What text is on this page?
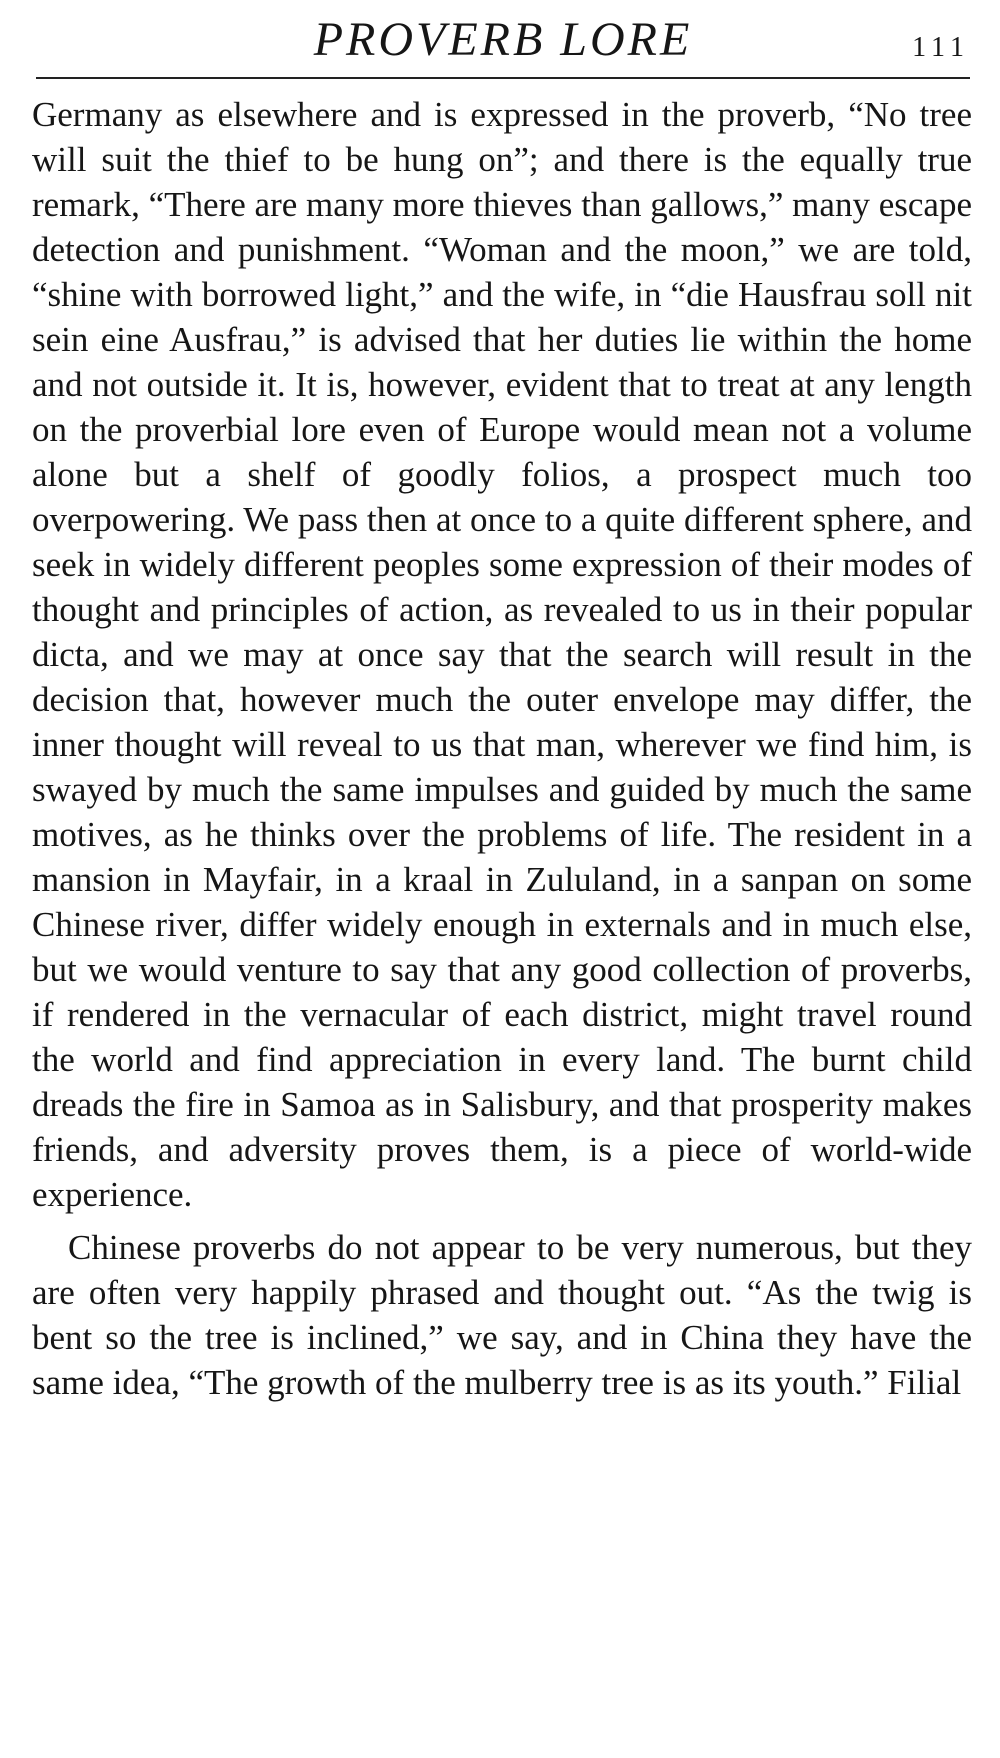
PROVERB LORE	111

Germany as elsewhere and is expressed in the proverb, “No tree will suit the thief to be hung on”; and there is the equally true remark, “There are many more thieves than gallows,” many escape detection and punishment. “Woman and the moon,” we are told, “shine with borrowed light,” and the wife, in “die Hausfrau soll nit sein eine Ausfrau,” is advised that her duties lie within the home and not outside it. It is, however, evident that to treat at any length on the proverbial lore even of Europe would mean not a volume alone but a shelf of goodly folios, a prospect much too overpowering. We pass then at once to a quite different sphere, and seek in widely different peoples some expression of their modes of thought and principles of action, as revealed to us in their popular dicta, and we may at once say that the search will result in the decision that, however much the outer envelope may differ, the inner thought will reveal to us that man, wherever we find him, is swayed by much the same impulses and guided by much the same motives, as he thinks over the problems of life. The resident in a mansion in Mayfair, in a kraal in Zululand, in a sanpan on some Chinese river, differ widely enough in externals and in much else, but we would venture to say that any good collection of proverbs, if rendered in the vernacular of each district, might travel round the world and find appreciation in every land. The burnt child dreads the fire in Samoa as in Salisbury, and that prosperity makes friends, and adversity proves them, is a piece of world-wide experience.

Chinese proverbs do not appear to be very numerous, but they are often very happily phrased and thought out. “As the twig is bent so the tree is inclined,” we say, and in China they have the same idea, “The growth of the mulberry tree is as its youth.” Filial
